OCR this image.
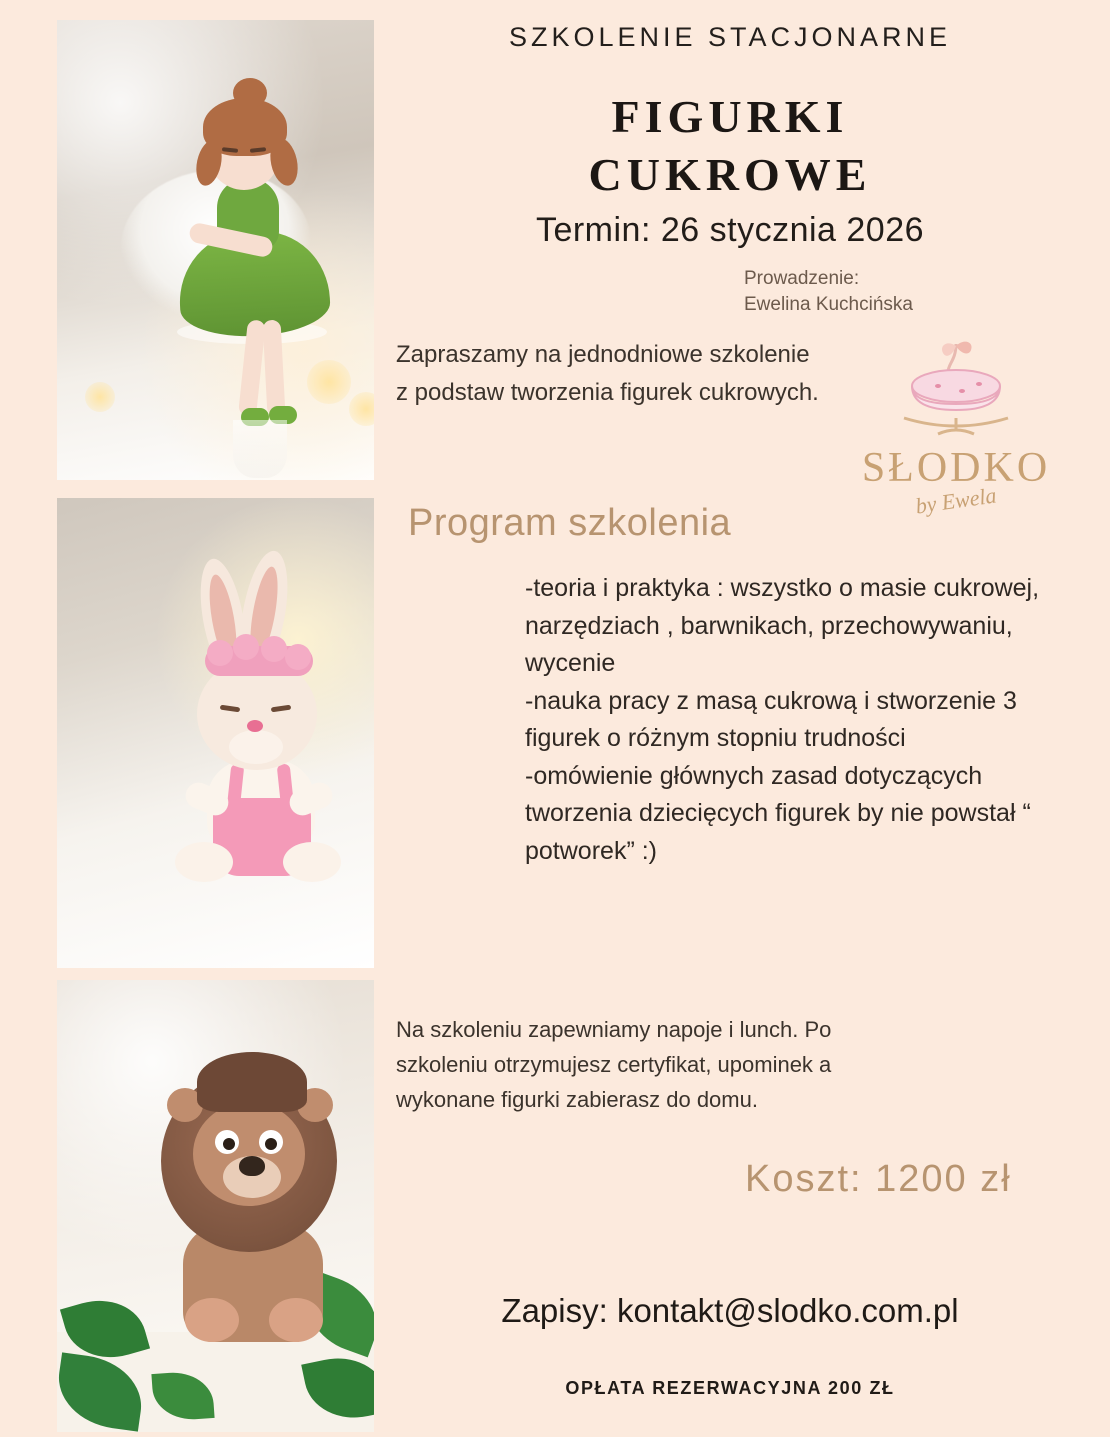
SZKOLENIE STACJONARNE
FIGURKI
CUKROWE
Termin: 26 stycznia 2026
Prowadzenie:
Ewelina Kuchcińska
SŁODKO
by Ewela
Zapraszamy na jednodniowe szkolenie z podstaw tworzenia figurek cukrowych.
Program szkolenia

-teoria i praktyka : wszystko o masie cukrowej, narzędziach , barwnikach, przechowywaniu, wycenie

-nauka pracy z masą cukrową i stworzenie 3 figurek o różnym stopniu trudności

-omówienie głównych zasad dotyczących tworzenia dziecięcych figurek by nie powstał “ potworek” :)

Na szkoleniu zapewniamy napoje i lunch. Po szkoleniu otrzymujesz certyfikat, upominek a wykonane figurki zabierasz do domu.
Koszt: 1200 zł
Zapisy: kontakt@slodko.com.pl
OPŁATA REZERWACYJNA 200 ZŁ
